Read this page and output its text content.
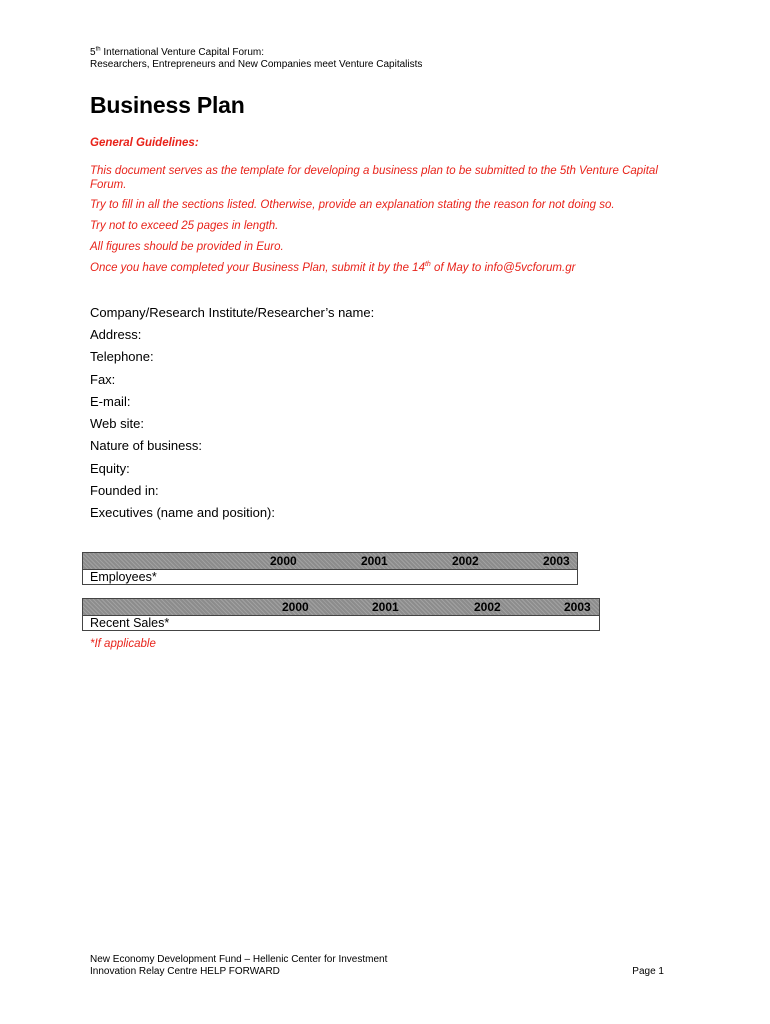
5th International Venture Capital Forum:
Researchers, Entrepreneurs and New Companies meet Venture Capitalists
Business Plan
General Guidelines:
This document serves as the template for developing a business plan to be submitted to the 5th Venture Capital
Forum.
Try to fill in all the sections listed. Otherwise, provide an explanation stating the reason for not doing so.
Try not to exceed 25 pages in length.
All figures should be provided in Euro.
Once you have completed your Business Plan, submit it by the 14th of May to info@5vcforum.gr
Company/Research Institute/Researcher’s name:
Address:
Telephone:
Fax:
E-mail:
Web site:
Nature of business:
Equity:
Founded in:
Executives (name and position):
2000	2001	2002	2003
Employees*
2000	2001	2002	2003
Recent Sales*
*If applicable
New Economy Development Fund – Hellenic Center for Investment
Innovation Relay Centre HELP FORWARD	Page 1
